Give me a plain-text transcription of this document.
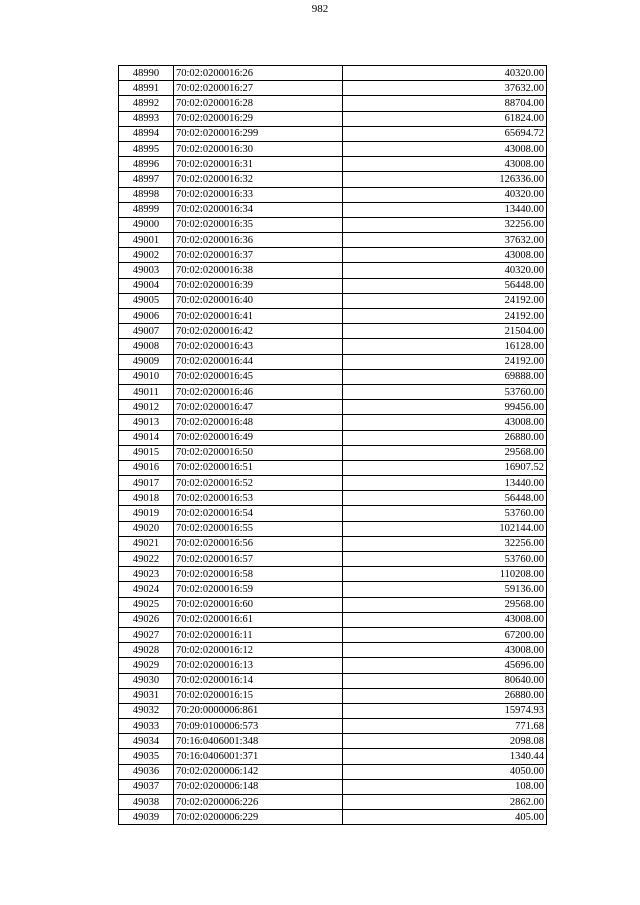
982
48990	70:02:0200016:26	40320.00
48991	70:02:0200016:27	37632.00
48992	70:02:0200016:28	88704.00
48993	70:02:0200016:29	61824.00
48994	70:02:0200016:299	65694.72
48995	70:02:0200016:30	43008.00
48996	70:02:0200016:31	43008.00
48997	70:02:0200016:32	126336.00
48998	70:02:0200016:33	40320.00
48999	70:02:0200016:34	13440.00
49000	70:02:0200016:35	32256.00
49001	70:02:0200016:36	37632.00
49002	70:02:0200016:37	43008.00
49003	70:02:0200016:38	40320.00
49004	70:02:0200016:39	56448.00
49005	70:02:0200016:40	24192.00
49006	70:02:0200016:41	24192.00
49007	70:02:0200016:42	21504.00
49008	70:02:0200016:43	16128.00
49009	70:02:0200016:44	24192.00
49010	70:02:0200016:45	69888.00
49011	70:02:0200016:46	53760.00
49012	70:02:0200016:47	99456.00
49013	70:02:0200016:48	43008.00
49014	70:02:0200016:49	26880.00
49015	70:02:0200016:50	29568.00
49016	70:02:0200016:51	16907.52
49017	70:02:0200016:52	13440.00
49018	70:02:0200016:53	56448.00
49019	70:02:0200016:54	53760.00
49020	70:02:0200016:55	102144.00
49021	70:02:0200016:56	32256.00
49022	70:02:0200016:57	53760.00
49023	70:02:0200016:58	110208.00
49024	70:02:0200016:59	59136.00
49025	70:02:0200016:60	29568.00
49026	70:02:0200016:61	43008.00
49027	70:02:0200016:11	67200.00
49028	70:02:0200016:12	43008.00
49029	70:02:0200016:13	45696.00
49030	70:02:0200016:14	80640.00
49031	70:02:0200016:15	26880.00
49032	70:20:0000006:861	15974.93
49033	70:09:0100006:573	771.68
49034	70:16:0406001:348	2098.08
49035	70:16:0406001:371	1340.44
49036	70:02:0200006:142	4050.00
49037	70:02:0200006:148	108.00
49038	70:02:0200006:226	2862.00
49039	70:02:0200006:229	405.00
